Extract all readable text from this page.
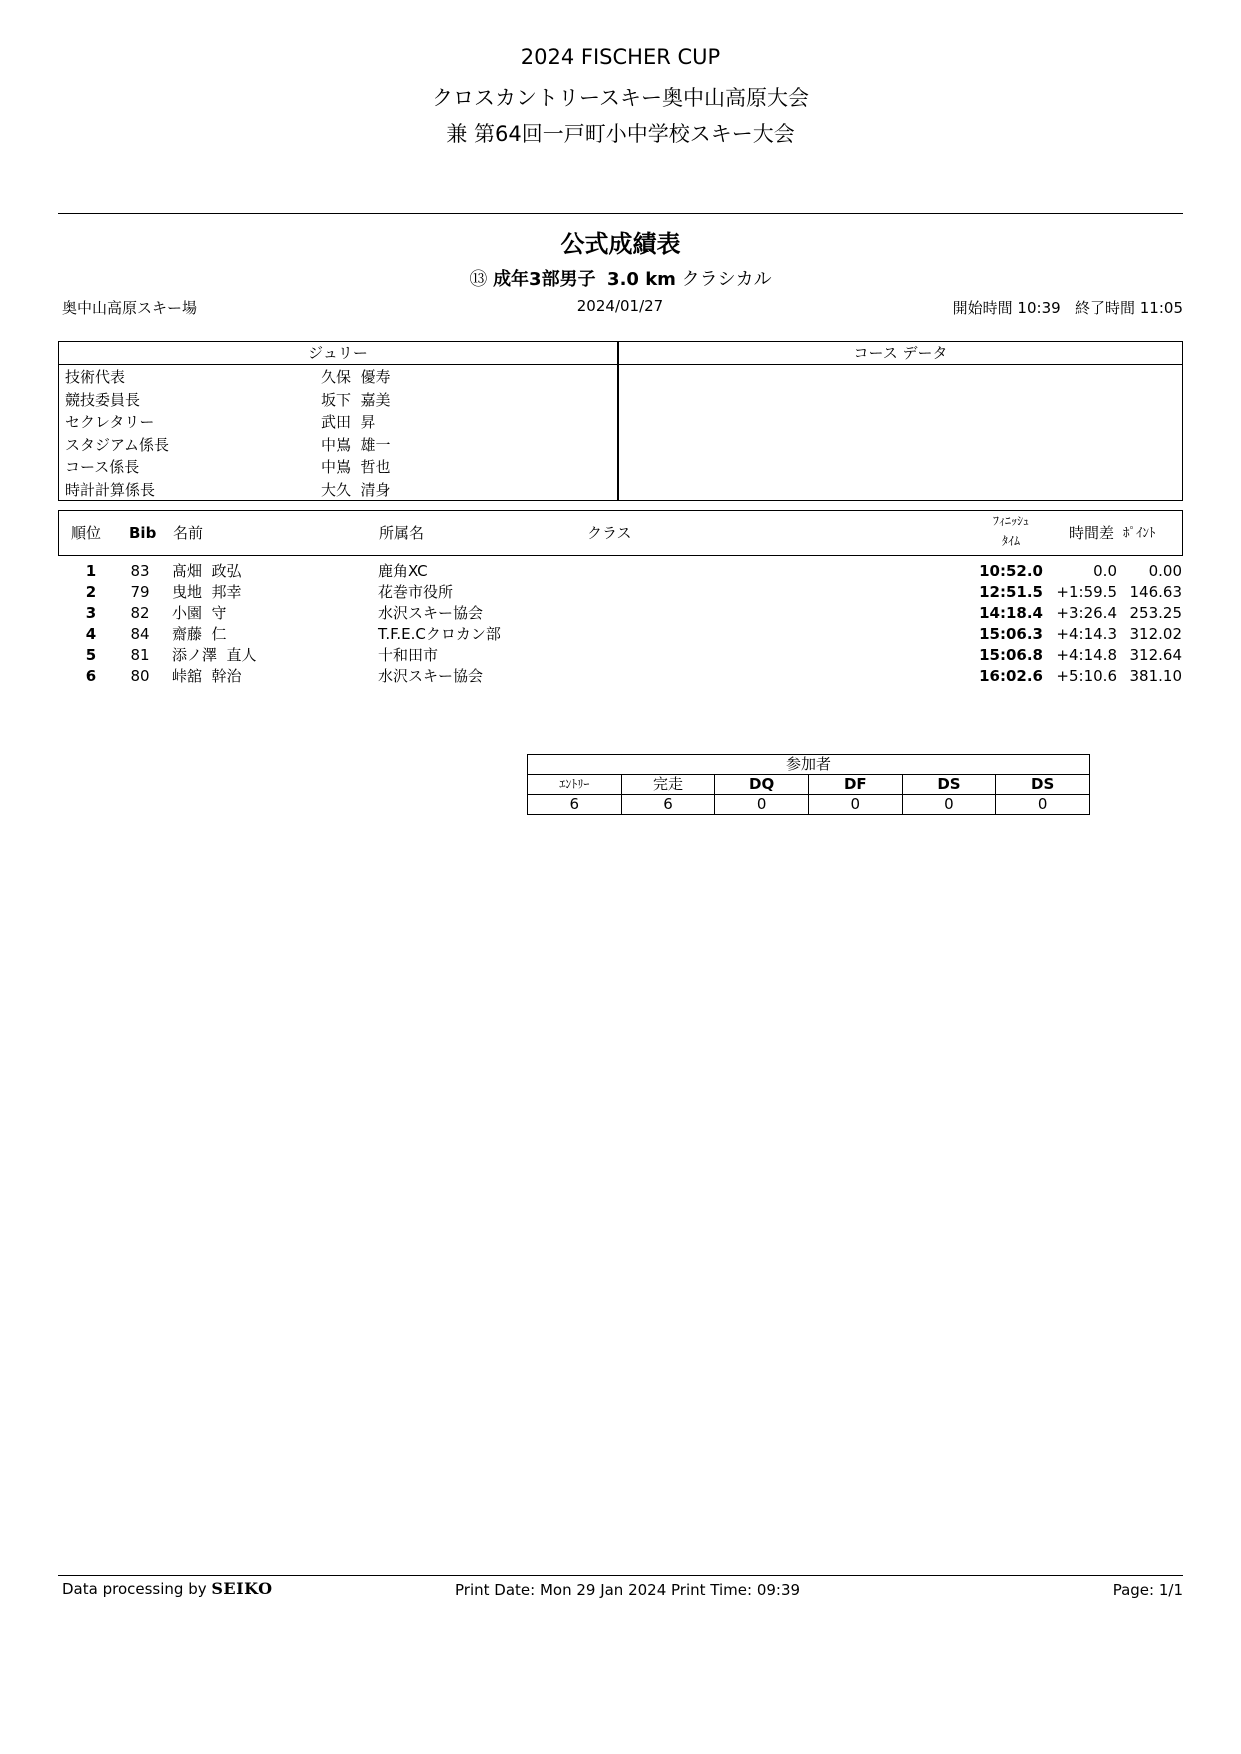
2024 FISCHER CUP
クロスカントリースキー奥中山高原大会
兼 第64回一戸町小中学校スキー大会
公式成績表
⑬ 成年3部男子 3.0 km クラシカル
奥中山高原スキー場	2024/01/27	開始時間 10:39 終了時間 11:05
ジュリー
技術代表	久保  優寿
競技委員長	坂下  嘉美
セクレタリー	武田  昇
スタジアム係長	中嶌  雄一
コース係長	中嶌  哲也
時計計算係長	大久  清身
コース データ
順位 Bib 名前	所属名	クラス
ﾌｨﾆｯｼｭ
ﾀｲﾑ	時間差 ﾎﾟｲﾝﾄ
1	83 髙畑  政弘	鹿角XC	10:52.0	0.0	0.00
2	79 曳地  邦幸	花巻市役所	12:51.5 +1:59.5 146.63
3	82 小園  守	水沢スキー協会	14:18.4 +3:26.4 253.25
4	84 齋藤  仁	T.F.E.Cクロカン部	15:06.3 +4:14.3 312.02
5	81 添ノ澤  直人	十和田市	15:06.8 +4:14.8 312.64
6	80 峠舘  幹治	水沢スキー協会	16:02.6 +5:10.6 381.10
参加者					
ｴﾝﾄﾘｰ	完走	DQ	DF	DS	DS
6	6	0	0	0	0
Data processing by SEIKO	Print Date: Mon 29 Jan 2024 Print Time: 09:39	Page: 1/1
